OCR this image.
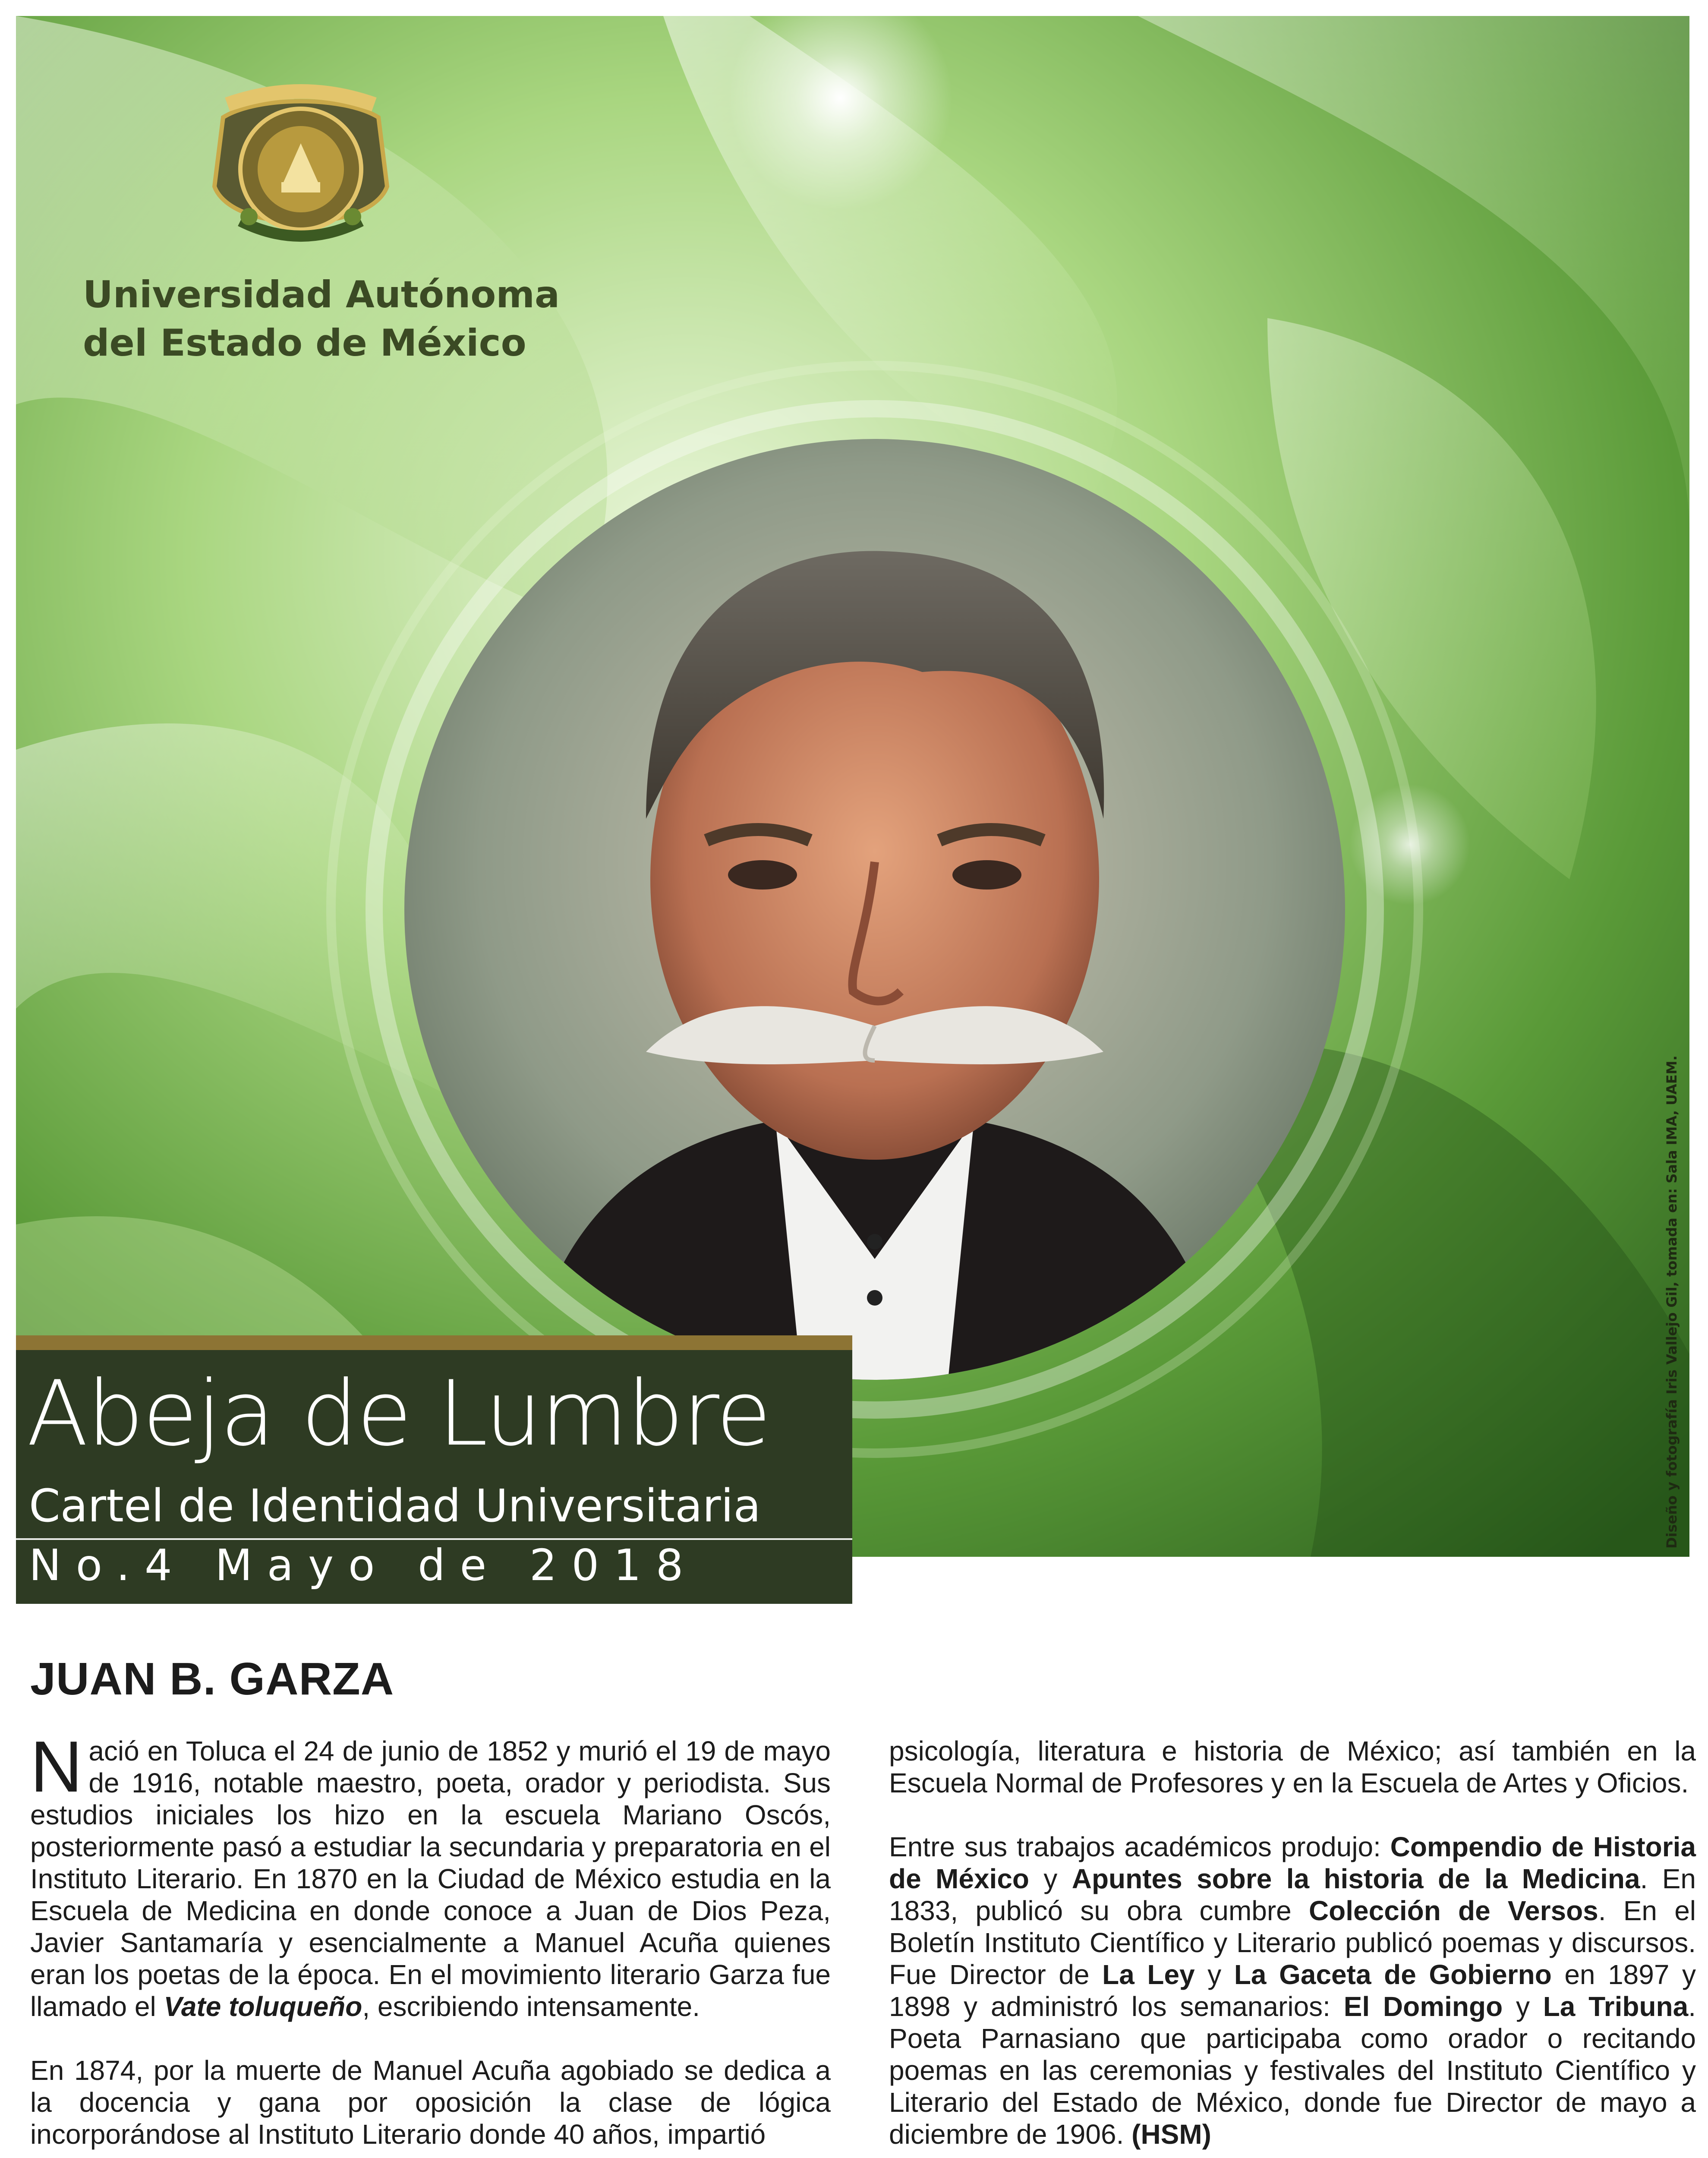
Universidad Autónoma
del Estado de México
Diseño y fotografía Iris Vallejo Gil, tomada en: Sala IMA, UAEM.
Abeja de Lumbre
Cartel de Identidad Universitaria
No.4 Mayo de 2018
JUAN B. GARZA

Nació en Toluca el 24 de junio de 1852 y murió el 19 de mayo de 1916, notable maestro, poeta, orador y periodista. Sus estudios iniciales los hizo en la escuela Mariano Oscós, posteriormente pasó a estudiar la secundaria y preparatoria en el Instituto Literario. En 1870 en la Ciudad de México estudia en la Escuela de Medicina en donde conoce a Juan de Dios Peza, Javier Santamaría y esencialmente a Manuel Acuña quienes eran los poetas de la época. En el movimiento literario Garza fue llamado el Vate toluqueño, escribiendo intensamente.

En 1874, por la muerte de Manuel Acuña agobiado se dedica a la docencia y gana por oposición la clase de lógica incorporándose al Instituto Literario donde 40 años, impartió

psicología, literatura e historia de México; así también en la Escuela Normal de Profesores y en la Escuela de Artes y Oficios.

Entre sus trabajos académicos produjo: Compendio de Historia de México y Apuntes sobre la historia de la Medicina. En 1833, publicó su obra cumbre Colección de Versos. En el Boletín Instituto Científico y Literario publicó poemas y discursos. Fue Director de La Ley y La Gaceta de Gobierno en 1897 y 1898 y administró los semanarios: El Domingo y La Tribuna. Poeta Parnasiano que participaba como orador o recitando poemas en las ceremonias y festivales del Instituto Científico y Literario del Estado de México, donde fue Director de mayo a diciembre de 1906. (HSM)
